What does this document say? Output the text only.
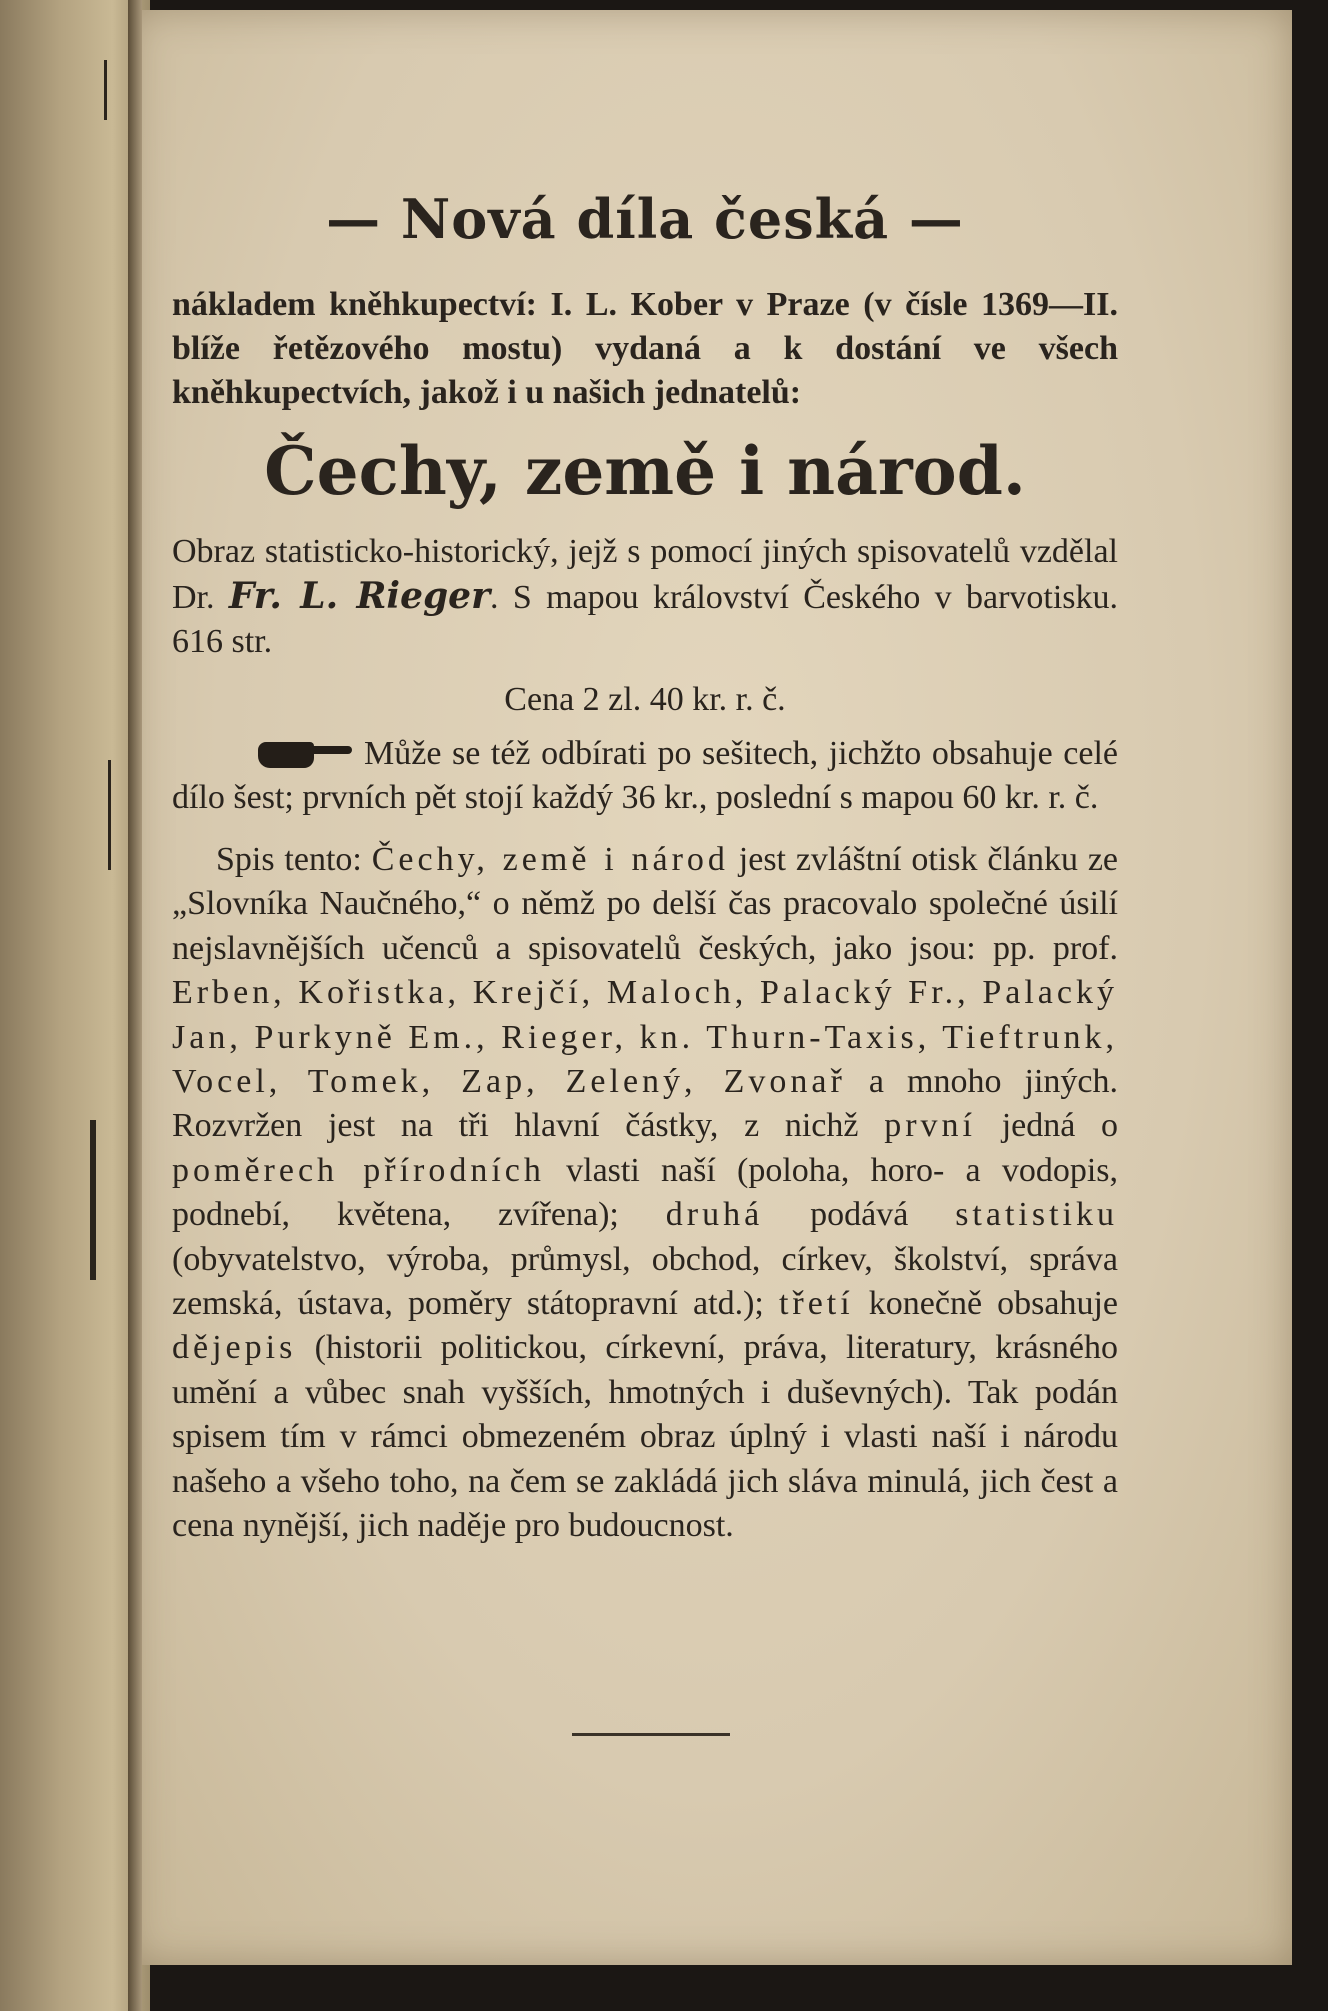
— Nová díla česká —

nákladem kněhkupectví: I. L. Kober v Praze (v čísle 1369—II. blíže řetězového mostu) vydaná a k dostání ve všech kněhkupectvích, jakož i u našich jednatelů:

Čechy, země i národ.

Obraz statisticko-historický, jejž s pomocí jiných spisovatelů vzdělal Dr. Fr. L. Rieger. S mapou království Českého v barvotisku. 616 str.

Cena 2 zl. 40 kr. r. č.

Může se též odbírati po sešitech, jichžto obsahuje celé dílo šest; prvních pět stojí každý 36 kr., poslední s mapou 60 kr. r. č.

Spis tento: Čechy, země i národ jest zvláštní otisk článku ze „Slovníka Naučného,“ o němž po delší čas pracovalo společné úsilí nejslavnějších učenců a spisovatelů českých, jako jsou: pp. prof. Erben, Kořistka, Krejčí, Maloch, Palacký Fr., Palacký Jan, Purkyně Em., Rieger, kn. Thurn-Taxis, Tieftrunk, Vocel, Tomek, Zap, Zelený, Zvonař a mnoho jiných. Rozvržen jest na tři hlavní částky, z nichž první jedná o poměrech přírodních vlasti naší (poloha, horo- a vodopis, podnebí, květena, zvířena); druhá podává statistiku (obyvatelstvo, výroba, průmysl, obchod, církev, školství, správa zemská, ústava, poměry státopravní atd.); třetí konečně obsahuje dějepis (historii politickou, církevní, práva, literatury, krásného umění a vůbec snah vyšších, hmotných i duševných). Tak podán spisem tím v rámci obmezeném obraz úplný i vlasti naší i národu našeho a všeho toho, na čem se zakládá jich sláva minulá, jich čest a cena nynější, jich naděje pro budoucnost.
